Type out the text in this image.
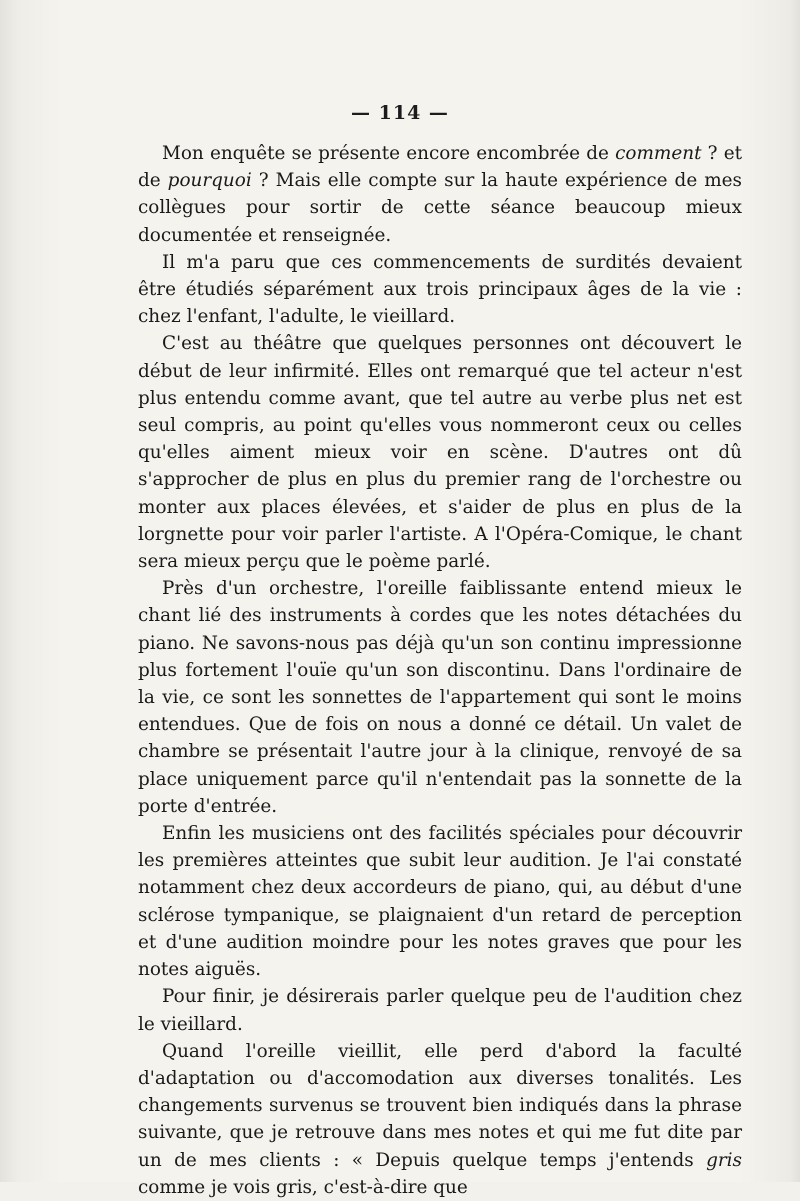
— 114 —

Mon enquête se présente encore encombrée de comment ? et de pourquoi ? Mais elle compte sur la haute expérience de mes collègues pour sortir de cette séance beaucoup mieux documentée et renseignée.

Il m'a paru que ces commencements de surdités devaient être étudiés séparément aux trois principaux âges de la vie : chez l'enfant, l'adulte, le vieillard.

C'est au théâtre que quelques personnes ont découvert le début de leur infirmité. Elles ont remarqué que tel acteur n'est plus entendu comme avant, que tel autre au verbe plus net est seul compris, au point qu'elles vous nommeront ceux ou celles qu'elles aiment mieux voir en scène. D'autres ont dû s'approcher de plus en plus du premier rang de l'orchestre ou monter aux places élevées, et s'aider de plus en plus de la lorgnette pour voir parler l'artiste. A l'Opéra-Comique, le chant sera mieux perçu que le poème parlé.

Près d'un orchestre, l'oreille faiblissante entend mieux le chant lié des instruments à cordes que les notes détachées du piano. Ne savons-nous pas déjà qu'un son continu impressionne plus fortement l'ouïe qu'un son discontinu. Dans l'ordinaire de la vie, ce sont les sonnettes de l'appartement qui sont le moins entendues. Que de fois on nous a donné ce détail. Un valet de chambre se présentait l'autre jour à la clinique, renvoyé de sa place uniquement parce qu'il n'entendait pas la sonnette de la porte d'entrée.

Enfin les musiciens ont des facilités spéciales pour découvrir les premières atteintes que subit leur audition. Je l'ai constaté notamment chez deux accordeurs de piano, qui, au début d'une sclérose tympanique, se plaignaient d'un retard de perception et d'une audition moindre pour les notes graves que pour les notes aiguës.

Pour finir, je désirerais parler quelque peu de l'audition chez le vieillard.

Quand l'oreille vieillit, elle perd d'abord la faculté d'adaptation ou d'accomodation aux diverses tonalités. Les changements survenus se trouvent bien indiqués dans la phrase suivante, que je retrouve dans mes notes et qui me fut dite par un de mes clients : « Depuis quelque temps j'entends gris comme je vois gris, c'est-à-dire que
